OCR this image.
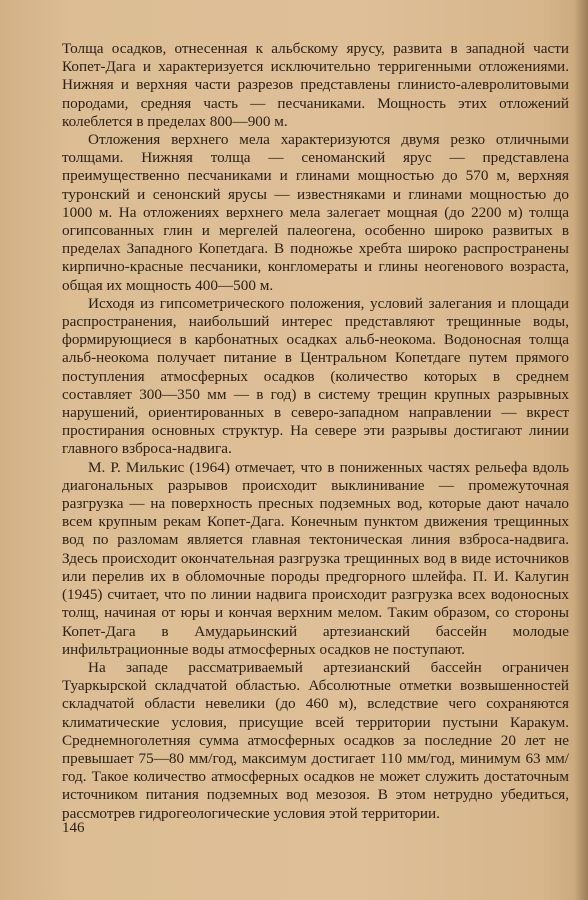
Толща осадков, отнесенная к альбскому ярусу, развита в западной части Копет-Дага и характеризуется исключительно терригенными отложениями. Нижняя и верхняя части разрезов представлены глинисто-алевролитовыми породами, средняя часть — песчаниками. Мощность этих отложений колеблется в пределах 800—900 м.

Отложения верхнего мела характеризуются двумя резко отличными толщами. Нижняя толща — сеноманский ярус — представлена преимущественно песчаниками и глинами мощностью до 570 м, верхняя туронский и сенонский ярусы — известняками и глинами мощностью до 1000 м. На отложениях верхнего мела залегает мощная (до 2200 м) толща огипсованных глин и мергелей палеогена, особенно широко развитых в пределах Западного Копетдага. В подножье хребта широко распространены кирпично-красные песчаники, конгломераты и глины неогенового возраста, общая их мощность 400—500 м.

Исходя из гипсометрического положения, условий залегания и площади распространения, наибольший интерес представляют трещинные воды, формирующиеся в карбонатных осадках альб-неокома. Водоносная толща альб-неокома получает питание в Центральном Копетдаге путем прямого поступления атмосферных осадков (количество которых в среднем составляет 300—350 мм — в год) в систему трещин крупных разрывных нарушений, ориентированных в северо-западном направлении — вкрест простирания основных структур. На севере эти разрывы достигают линии главного взброса-надвига.

М. Р. Милькис (1964) отмечает, что в пониженных частях рельефа вдоль диагональных разрывов происходит выклинивание — промежуточная разгрузка — на поверхность пресных подземных вод, которые дают начало всем крупным рекам Копет-Дага. Конечным пунктом движения трещинных вод по разломам является главная тектоническая линия взброса-надвига. Здесь происходит окончательная разгрузка трещинных вод в виде источников или перелив их в обломочные породы предгорного шлейфа. П. И. Калугин (1945) считает, что по линии надвига происходит разгрузка всех водоносных толщ, начиная от юры и кончая верхним мелом. Таким образом, со стороны Копет-Дага в Амударьинский артезианский бассейн молодые инфильтрационные воды атмосферных осадков не поступают.

На западе рассматриваемый артезианский бассейн ограничен Туаркырской складчатой областью. Абсолютные отметки возвышенностей складчатой области невелики (до 460 м), вследствие чего сохраняются климатические условия, присущие всей территории пустыни Каракум. Среднемноголетняя сумма атмосферных осадков за последние 20 лет не превышает 75—80 мм/год, максимум достигает 110 мм/год, минимум 63 мм/год. Такое количество атмосферных осадков не может служить достаточным источником питания подземных вод мезозоя. В этом нетрудно убедиться, рассмотрев гидрогеологические условия этой территории.

146
